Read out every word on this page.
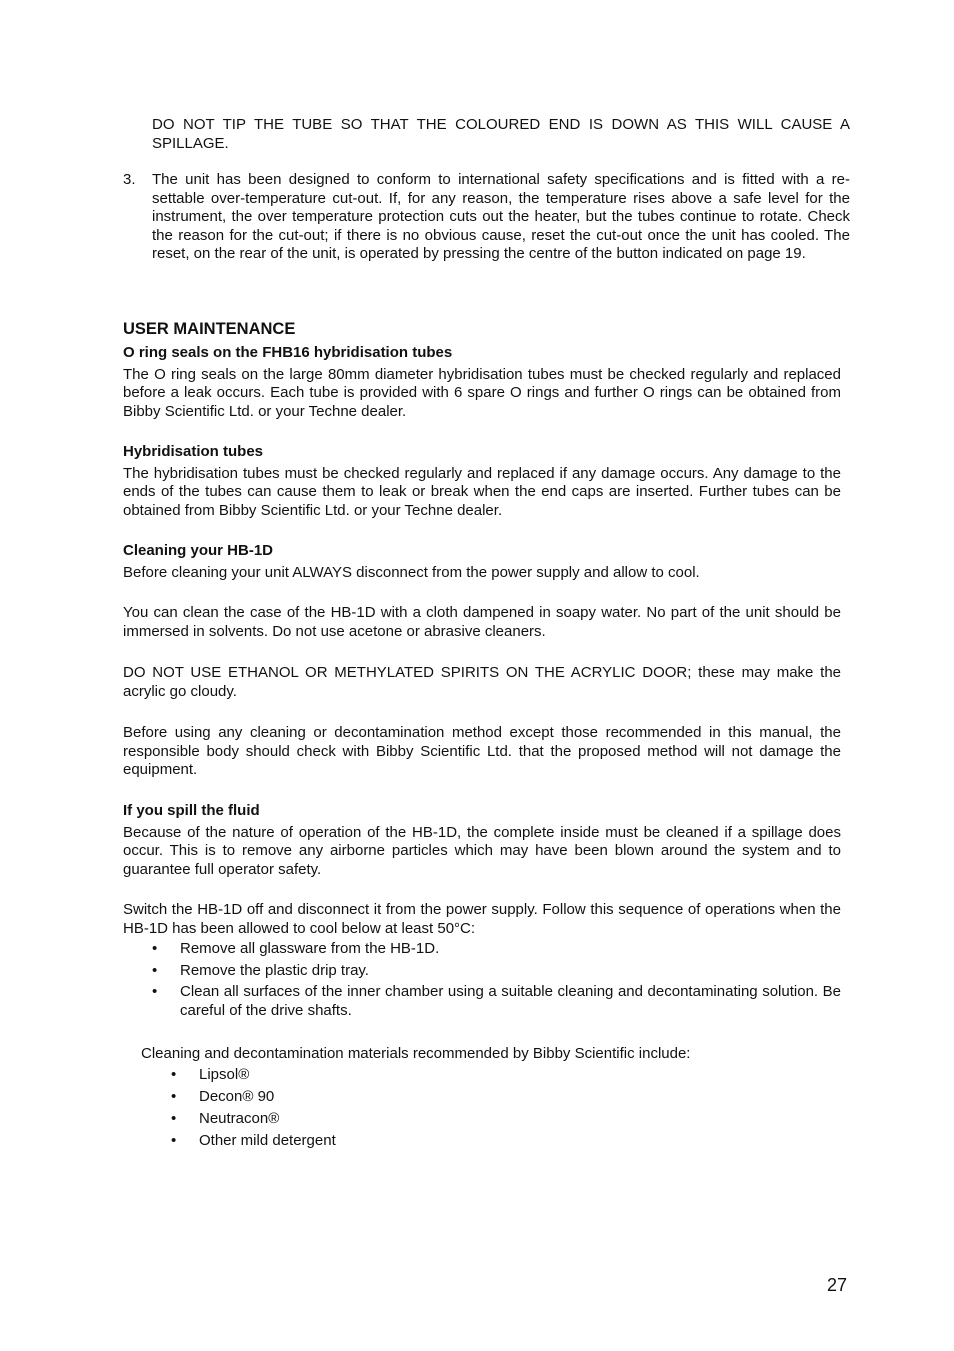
DO NOT TIP THE TUBE SO THAT THE COLOURED END IS DOWN AS THIS WILL CAUSE A SPILLAGE.

3. The unit has been designed to conform to international safety specifications and is fitted with a re-settable over-temperature cut-out. If, for any reason, the temperature rises above a safe level for the instrument, the over temperature protection cuts out the heater, but the tubes continue to rotate. Check the reason for the cut-out; if there is no obvious cause, reset the cut-out once the unit has cooled. The reset, on the rear of the unit, is operated by pressing the centre of the button indicated on page 19.

USER MAINTENANCE
O ring seals on the FHB16 hybridisation tubes

The O ring seals on the large 80mm diameter hybridisation tubes must be checked regularly and replaced before a leak occurs. Each tube is provided with 6 spare O rings and further O rings can be obtained from Bibby Scientific Ltd. or your Techne dealer.

Hybridisation tubes

The hybridisation tubes must be checked regularly and replaced if any damage occurs. Any damage to the ends of the tubes can cause them to leak or break when the end caps are inserted. Further tubes can be obtained from Bibby Scientific Ltd. or your Techne dealer.

Cleaning your HB-1D

Before cleaning your unit ALWAYS disconnect from the power supply and allow to cool.

You can clean the case of the HB-1D with a cloth dampened in soapy water. No part of the unit should be immersed in solvents. Do not use acetone or abrasive cleaners.

DO NOT USE ETHANOL OR METHYLATED SPIRITS ON THE ACRYLIC DOOR; these may make the acrylic go cloudy.

Before using any cleaning or decontamination method except those recommended in this manual, the responsible body should check with Bibby Scientific Ltd. that the proposed method will not damage the equipment.

If you spill the fluid

Because of the nature of operation of the HB-1D, the complete inside must be cleaned if a spillage does occur. This is to remove any airborne particles which may have been blown around the system and to guarantee full operator safety.

Switch the HB-1D off and disconnect it from the power supply. Follow this sequence of operations when the HB-1D has been allowed to cool below at least 50°C:

• Remove all glassware from the HB-1D.
• Remove the plastic drip tray.
• Clean all surfaces of the inner chamber using a suitable cleaning and decontaminating solution. Be careful of the drive shafts.

Cleaning and decontamination materials recommended by Bibby Scientific include:

• Lipsol®
• Decon® 90
• Neutracon®
• Other mild detergent
27
